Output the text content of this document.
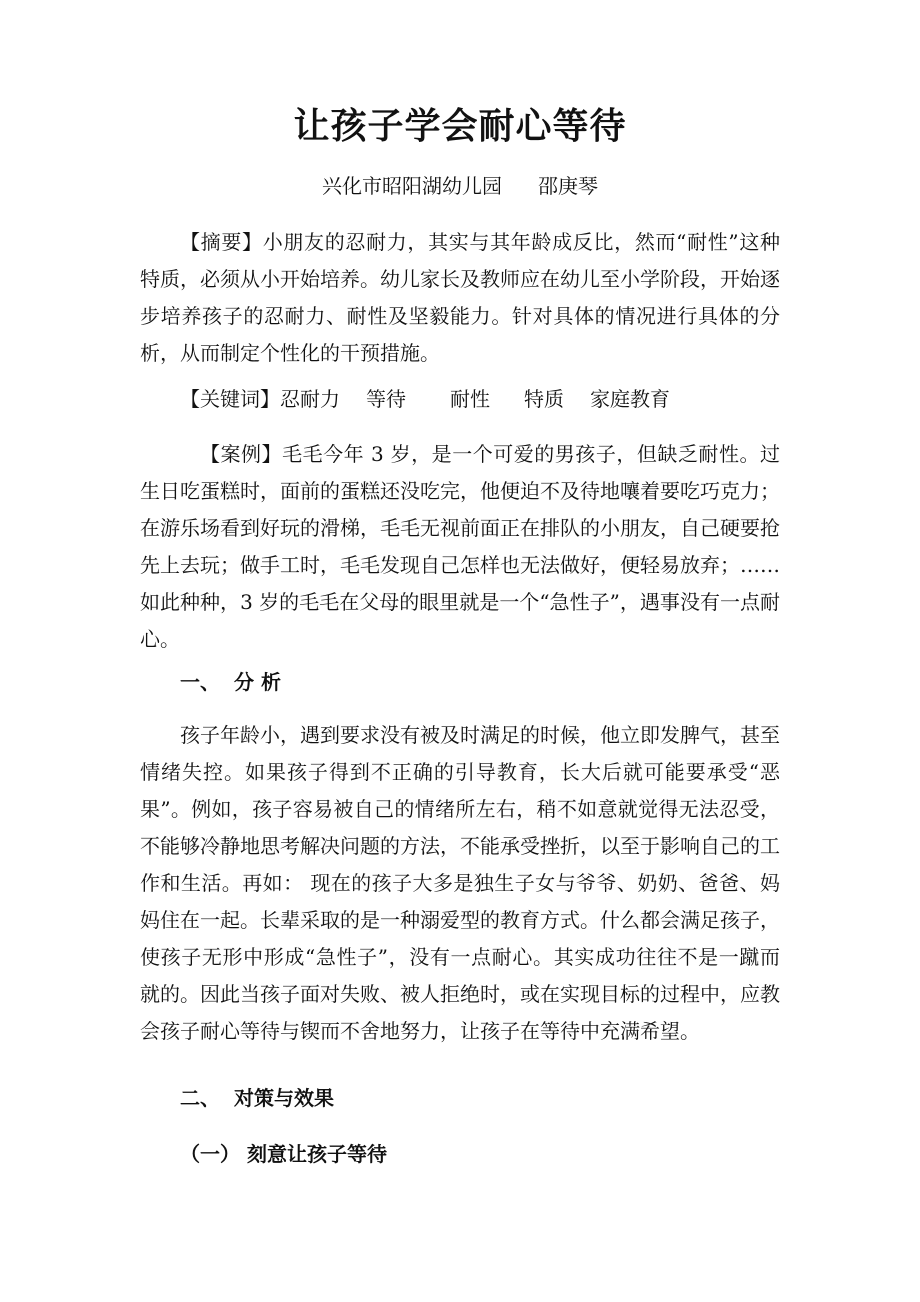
让孩子学会耐心等待
兴化市昭阳湖幼儿园 邵庚琴

【摘要】小朋友的忍耐力，其实与其年龄成反比，然而“耐性”这种特质，必须从小开始培养。幼儿家长及教师应在幼儿至小学阶段，开始逐步培养孩子的忍耐力、耐性及坚毅能力。针对具体的情况进行具体的分析，从而制定个性化的干预措施。

【关键词】忍耐力 等待 耐性 特质 家庭教育

【案例】毛毛今年 3 岁，是一个可爱的男孩子，但缺乏耐性。过生日吃蛋糕时，面前的蛋糕还没吃完，他便迫不及待地嚷着要吃巧克力；在游乐场看到好玩的滑梯，毛毛无视前面正在排队的小朋友，自己硬要抢先上去玩；做手工时，毛毛发现自己怎样也无法做好，便轻易放弃；……如此种种，3 岁的毛毛在父母的眼里就是一个“急性子”，遇事没有一点耐心。

一、 分 析

孩子年龄小，遇到要求没有被及时满足的时候，他立即发脾气，甚至情绪失控。如果孩子得到不正确的引导教育，长大后就可能要承受“恶果”。例如，孩子容易被自己的情绪所左右，稍不如意就觉得无法忍受，不能够冷静地思考解决问题的方法，不能承受挫折，以至于影响自己的工作和生活。再如： 现在的孩子大多是独生子女与爷爷、奶奶、爸爸、妈妈住在一起。长辈采取的是一种溺爱型的教育方式。什么都会满足孩子，使孩子无形中形成“急性子”，没有一点耐心。其实成功往往不是一蹴而就的。因此当孩子面对失败、被人拒绝时，或在实现目标的过程中，应教会孩子耐心等待与锲而不舍地努力，让孩子在等待中充满希望。

二、 对策与效果
（一） 刻意让孩子等待
